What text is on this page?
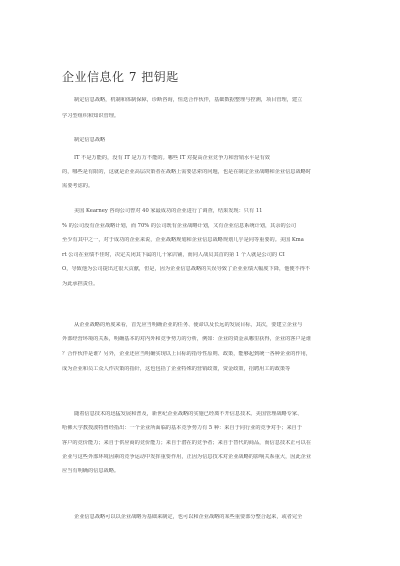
企业信息化 7 把钥匙
制定信息战略，机制和体制保障，诊断咨询，恒迭合作伙伴，基础数据整理与控测，项目管理，建立
学习型组织和知识管理。
制定信息战略
IT 不是万能的，没有 IT 是万万不能的。哪些 IT 对提高企业竞争力和营销水平是有效
的，哪些是有限的，这就是企业高层决策者在战略上需要思索的问题，也是在制定企业战略和企业信息战略时
需要考虑的。
美国 Kearney 咨询公司曾对 40 家最成功的企业进行了调查，结果发现：只有 11
% 的公司没有企业战略计划，而 70% 的公司既有企业战略计划，又有企业信息系统计划，其余的公司
至少有其中之一，对于成功的企业来说，企业战略规划和企业信息战略规划几乎是同等重要的。美国 Kma
rt 公司在业绩不佳时，决定关闭其下属的几十家店铺，而同人战员其首的第 1 个人就是公司的 CI
O，导致他为公司提出过很大贡献，但是，因为企业信息战略的失误导致了企业业绩大幅度下降，他便不得不
为此承担责任。
从企业战略的角度来看，首先应当明确企业的任务、使命以及长远的发展目标，其次，要建立企业与
外部经营环境的关系，明确基本的对内外和竞争势力的分析，例如：企业的资金从哪里获得，企业的客户是谁
？合作伙伴是谁？另外，企业还应当明确实现以上目标的指导性原则、政策，能够起到统一各种企业的作用，
成为企业和员工众人作决策的指针，这也包括了企业特殊的营销政策，资金政策，招聘用工的政策等
随着信息技术的迅猛发展和普及，新世纪企业战略的实施已经离不开信息技术。美国管理战略专家、
哈佛大学教授波特曾经指出：一个企业所面临的基本竞争势力有 5 种：来自于同行业的竞争对手；来自于
客户的竞价能力；来自于供应商的竞价能力；来自于潜在的竞争者；来自于替代的商品，而信息技术正可以在
企业与这些外部环境因素的竞争运动中发挥重要作用，正因为信息技术对企业战略的影响关系重大，因此企业
应当有明确的信息战略。
企业信息战略可以以企业战略为基础来制定，也可以和企业战略的某些重要部分整合起来，或者完全
